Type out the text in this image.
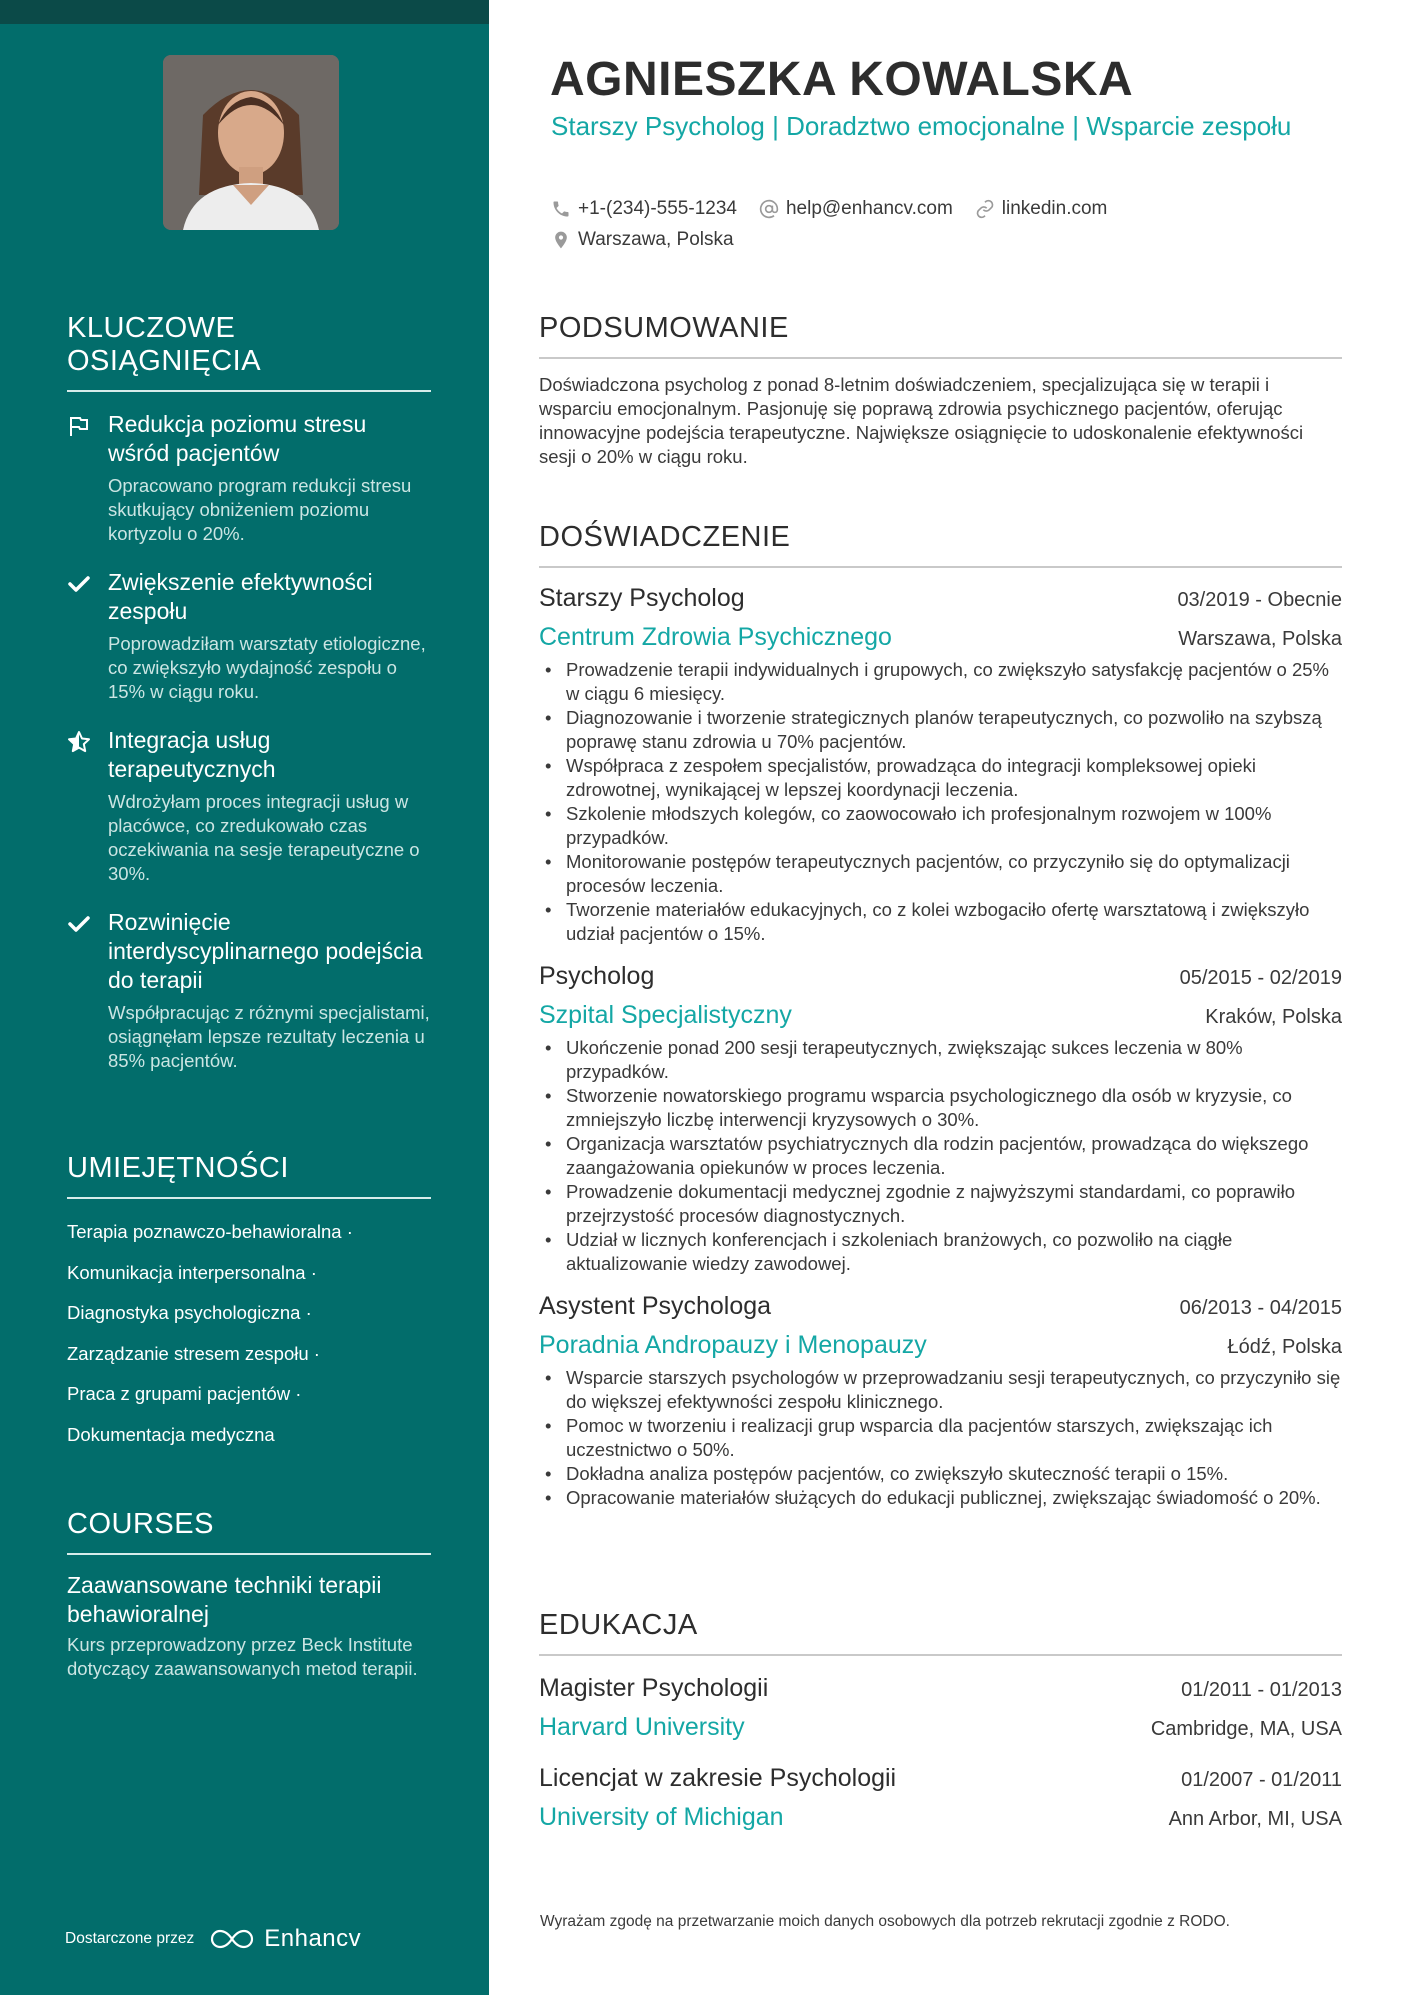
KLUCZOWE OSIĄGNIĘCIA
Redukcja poziomu stresu wśród pacjentów
Opracowano program redukcji stresu skutkujący obniżeniem poziomu kortyzolu o 20%.
Zwiększenie efektywności zespołu
Poprowadziłam warsztaty etiologiczne, co zwiększyło wydajność zespołu o 15% w ciągu roku.
Integracja usług terapeutycznych
Wdrożyłam proces integracji usług w placówce, co zredukowało czas oczekiwania na sesje terapeutyczne o 30%.
Rozwinięcie interdyscyplinarnego podejścia do terapii
Współpracując z różnymi specjalistami, osiągnęłam lepsze rezultaty leczenia u 85% pacjentów.
UMIEJĘTNOŚCI
Terapia poznawczo-behawioralna ·
Komunikacja interpersonalna ·
Diagnostyka psychologiczna ·
Zarządzanie stresem zespołu ·
Praca z grupami pacjentów ·
Dokumentacja medyczna
COURSES
Zaawansowane techniki terapii behawioralnej
Kurs przeprowadzony przez Beck Institute dotyczący zaawansowanych metod terapii.
Dostarczone przez	Enhancv
AGNIESZKA KOWALSKA
Starszy Psycholog | Doradztwo emocjonalne | Wsparcie zespołu
+1-(234)-555-1234	help@enhancv.com	linkedin.com
Warszawa, Polska
PODSUMOWANIE
Doświadczona psycholog z ponad 8-letnim doświadczeniem, specjalizująca się w terapii i wsparciu emocjonalnym. Pasjonuję się poprawą zdrowia psychicznego pacjentów, oferując innowacyjne podejścia terapeutyczne. Największe osiągnięcie to udoskonalenie efektywności sesji o 20% w ciągu roku.
DOŚWIADCZENIE
Starszy Psycholog	03/2019 - Obecnie
Centrum Zdrowia Psychicznego	Warszawa, Polska
• Prowadzenie terapii indywidualnych i grupowych, co zwiększyło satysfakcję pacjentów o 25% w ciągu 6 miesięcy.
• Diagnozowanie i tworzenie strategicznych planów terapeutycznych, co pozwoliło na szybszą poprawę stanu zdrowia u 70% pacjentów.
• Współpraca z zespołem specjalistów, prowadząca do integracji kompleksowej opieki zdrowotnej, wynikającej w lepszej koordynacji leczenia.
• Szkolenie młodszych kolegów, co zaowocowało ich profesjonalnym rozwojem w 100% przypadków.
• Monitorowanie postępów terapeutycznych pacjentów, co przyczyniło się do optymalizacji procesów leczenia.
• Tworzenie materiałów edukacyjnych, co z kolei wzbogaciło ofertę warsztatową i zwiększyło udział pacjentów o 15%.
Psycholog	05/2015 - 02/2019
Szpital Specjalistyczny	Kraków, Polska
• Ukończenie ponad 200 sesji terapeutycznych, zwiększając sukces leczenia w 80% przypadków.
• Stworzenie nowatorskiego programu wsparcia psychologicznego dla osób w kryzysie, co zmniejszyło liczbę interwencji kryzysowych o 30%.
• Organizacja warsztatów psychiatrycznych dla rodzin pacjentów, prowadząca do większego zaangażowania opiekunów w proces leczenia.
• Prowadzenie dokumentacji medycznej zgodnie z najwyższymi standardami, co poprawiło przejrzystość procesów diagnostycznych.
• Udział w licznych konferencjach i szkoleniach branżowych, co pozwoliło na ciągłe aktualizowanie wiedzy zawodowej.
Asystent Psychologa	06/2013 - 04/2015
Poradnia Andropauzy i Menopauzy	Łódź, Polska
• Wsparcie starszych psychologów w przeprowadzaniu sesji terapeutycznych, co przyczyniło się do większej efektywności zespołu klinicznego.
• Pomoc w tworzeniu i realizacji grup wsparcia dla pacjentów starszych, zwiększając ich uczestnictwo o 50%.
• Dokładna analiza postępów pacjentów, co zwiększyło skuteczność terapii o 15%.
• Opracowanie materiałów służących do edukacji publicznej, zwiększając świadomość o 20%.
EDUKACJA
Magister Psychologii	01/2011 - 01/2013
Harvard University	Cambridge, MA, USA
Licencjat w zakresie Psychologii	01/2007 - 01/2011
University of Michigan	Ann Arbor, MI, USA
Wyrażam zgodę na przetwarzanie moich danych osobowych dla potrzeb rekrutacji zgodnie z RODO.
